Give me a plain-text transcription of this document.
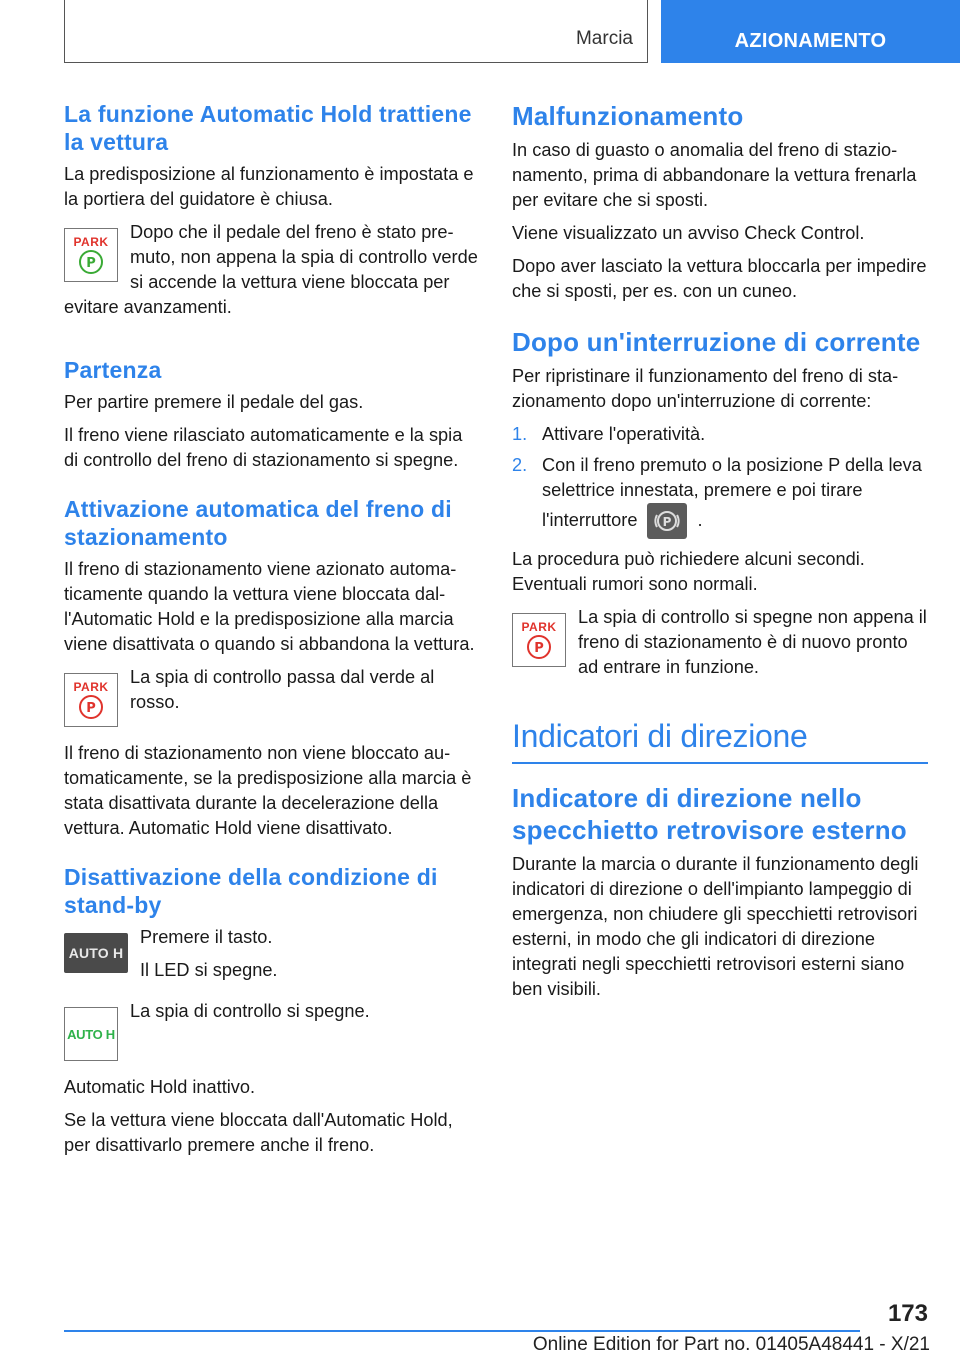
Marcia	AZIONAMENTO
La funzione Automatic Hold trattiene la vettura

La predisposizione al funzionamento è impostata e la portiera del guidatore è chiusa.

PARK
P

Dopo che il pedale del freno è stato premuto, non appena la spia di controllo verde si accende la vettura viene bloccata per evitare avanzamenti.

Partenza

Per partire premere il pedale del gas.

Il freno viene rilasciato automaticamente e la spia di controllo del freno di stazionamento si spegne.

Attivazione automatica del freno di stazionamento

Il freno di stazionamento viene azionato automaticamente quando la vettura viene bloccata dall'Automatic Hold e la predisposizione alla marcia viene disattivata o quando si abbandona la vettura.

PARK
P

La spia di controllo passa dal verde al rosso.

Il freno di stazionamento non viene bloccato automaticamente, se la predisposizione alla marcia è stata disattivata durante la decelerazione della vettura. Automatic Hold viene disattivato.

Disattivazione della condizione di stand-by
AUTO H

Premere il tasto.

Il LED si spegne.

AUTO H

La spia di controllo si spegne.

Automatic Hold inattivo.

Se la vettura viene bloccata dall'Automatic Hold, per disattivarlo premere anche il freno.

Malfunzionamento

In caso di guasto o anomalia del freno di stazionamento, prima di abbandonare la vettura frenarla per evitare che si sposti.

Viene visualizzato un avviso Check Control.

Dopo aver lasciato la vettura bloccarla per impedire che si sposti, per es. con un cuneo.

Dopo un'interruzione di corrente

Per ripristinare il funzionamento del freno di stazionamento dopo un'interruzione di corrente:

1. Attivare l'operatività.
2. Con il freno premuto o la posizione P della leva selettrice innestata, premere e poi tirare
l'interruttore P .

La procedura può richiedere alcuni secondi. Eventuali rumori sono normali.

PARK
P

La spia di controllo si spegne non appena il freno di stazionamento è di nuovo pronto ad entrare in funzione.

Indicatori di direzione
Indicatore di direzione nello specchietto retrovisore esterno

Durante la marcia o durante il funzionamento degli indicatori di direzione o dell'impianto lampeggio di emergenza, non chiudere gli specchietti retrovisori esterni, in modo che gli indicatori di direzione integrati negli specchietti retrovisori esterni siano ben visibili.

173
Online Edition for Part no. 01405A48441 - X/21
